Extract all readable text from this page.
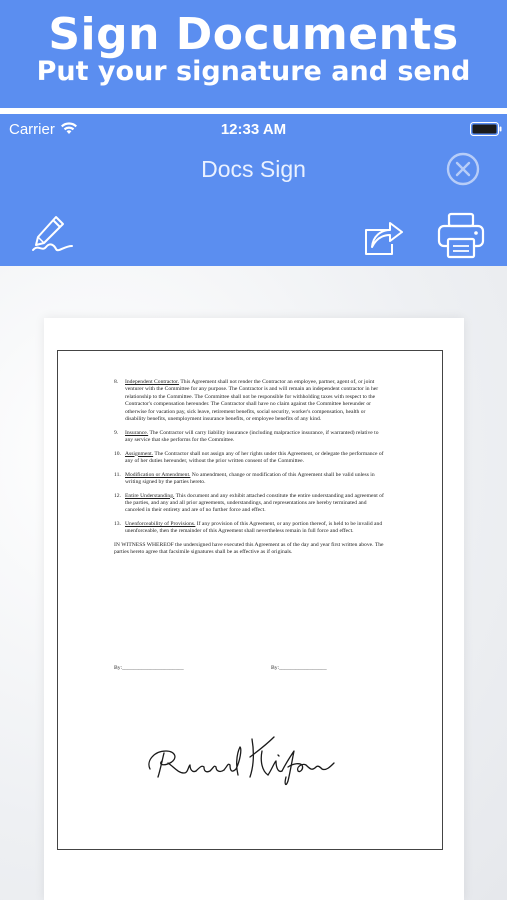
Sign Documents
Put your signature and send
Carrier	12:33 AM
Docs Sign
8. Independent Contractor. This Agreement shall not render the Contractor an employee, partner, agent of, or joint venturer with the Committee for any purpose. The Contractor is and will remain an independent contractor in her relationship to the Committee. The Committee shall not be responsible for withholding taxes with respect to the Contractor's compensation hereunder. The Contractor shall have no claim against the Committee hereunder or otherwise for vacation pay, sick leave, retirement benefits, social security, worker's compensation, health or disability benefits, unemployment insurance benefits, or employee benefits of any kind.
9. Insurance. The Contractor will carry liability insurance (including malpractice insurance, if warranted) relative to any service that she performs for the Committee.
10. Assignment. The Contractor shall not assign any of her rights under this Agreement, or delegate the performance of any of her duties hereunder, without the prior written consent of the Committee.
11. Modification or Amendment. No amendment, change or modification of this Agreement shall be valid unless in writing signed by the parties hereto.
12. Entire Understanding. This document and any exhibit attached constitute the entire understanding and agreement of the parties, and any and all prior agreements, understandings, and representations are hereby terminated and canceled in their entirety and are of no further force and effect.
13. Unenforceability of Provisions. If any provision of this Agreement, or any portion thereof, is held to be invalid and unenforceable, then the remainder of this Agreement shall nevertheless remain in full force and effect.
IN WITNESS WHEREOF the undersigned have executed this Agreement as of the day and year first written above. The parties hereto agree that facsimile signatures shall be as effective as if originals.
By:______________________	By:_________________
